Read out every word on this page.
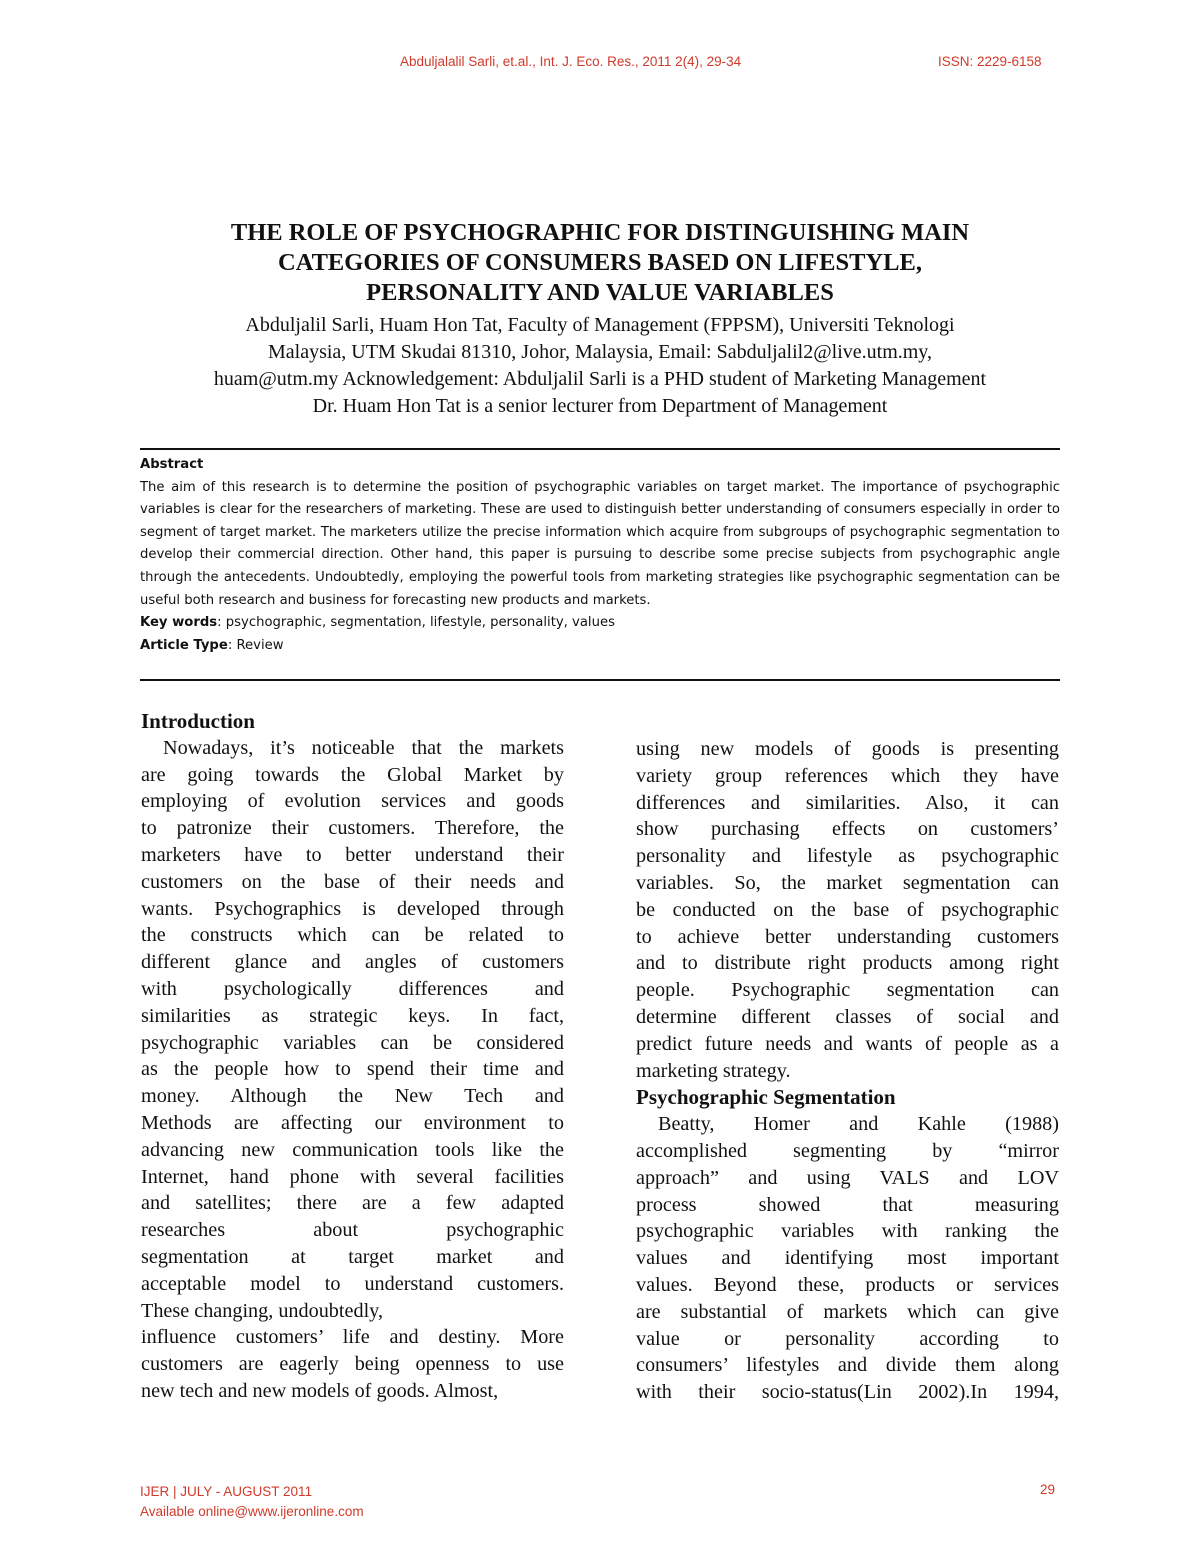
Abduljalalil Sarli, et.al., Int. J. Eco. Res., 2011 2(4), 29-34	ISSN: 2229-6158
THE ROLE OF PSYCHOGRAPHIC FOR DISTINGUISHING MAIN
CATEGORIES OF CONSUMERS BASED ON LIFESTYLE,
PERSONALITY AND VALUE VARIABLES
Abduljalil Sarli, Huam Hon Tat, Faculty of Management (FPPSM), Universiti Teknologi
Malaysia, UTM Skudai 81310, Johor, Malaysia, Email: Sabduljalil2@live.utm.my,
huam@utm.my Acknowledgement: Abduljalil Sarli is a PHD student of Marketing Management
Dr. Huam Hon Tat is a senior lecturer from Department of Management
Abstract
The aim of this research is to determine the position of psychographic variables on target market. The importance of psychographic variables is clear for the researchers of marketing. These are used to distinguish better understanding of consumers especially in order to segment of target market. The marketers utilize the precise information which acquire from subgroups of psychographic segmentation to develop their commercial direction. Other hand, this paper is pursuing to describe some precise subjects from psychographic angle through the antecedents. Undoubtedly, employing the powerful tools from marketing strategies like psychographic segmentation can be useful both research and business for forecasting new products and markets.
Key words: psychographic, segmentation, lifestyle, personality, values
Article Type: Review
Introduction
Nowadays, it’s noticeable that the markets
are going towards the Global Market by
employing of evolution services and goods
to patronize their customers. Therefore, the
marketers have to better understand their
customers on the base of their needs and
wants. Psychographics is developed through
the constructs which can be related to
different glance and angles of customers
with psychologically differences and
similarities as strategic keys. In fact,
psychographic variables can be considered
as the people how to spend their time and
money. Although the New Tech and
Methods are affecting our environment to
advancing new communication tools like the
Internet, hand phone with several facilities
and satellites; there are a few adapted
researches about psychographic
segmentation at target market and
acceptable model to understand customers.
These changing, undoubtedly,
influence customers’ life and destiny. More
customers are eagerly being openness to use
new tech and new models of goods. Almost,
using new models of goods is presenting
variety group references which they have
differences and similarities. Also, it can
show purchasing effects on customers’
personality and lifestyle as psychographic
variables. So, the market segmentation can
be conducted on the base of psychographic
to achieve better understanding customers
and to distribute right products among right
people. Psychographic segmentation can
determine different classes of social and
predict future needs and wants of people as a
marketing strategy.
Psychographic Segmentation
Beatty, Homer and Kahle (1988)
accomplished segmenting by “mirror
approach” and using VALS and LOV
process showed that measuring
psychographic variables with ranking the
values and identifying most important
values. Beyond these, products or services
are substantial of markets which can give
value or personality according to
consumers’ lifestyles and divide them along
with their socio-status(Lin 2002).In 1994,
IJER | JULY - AUGUST 2011
Available online@www.ijeronline.com
29
